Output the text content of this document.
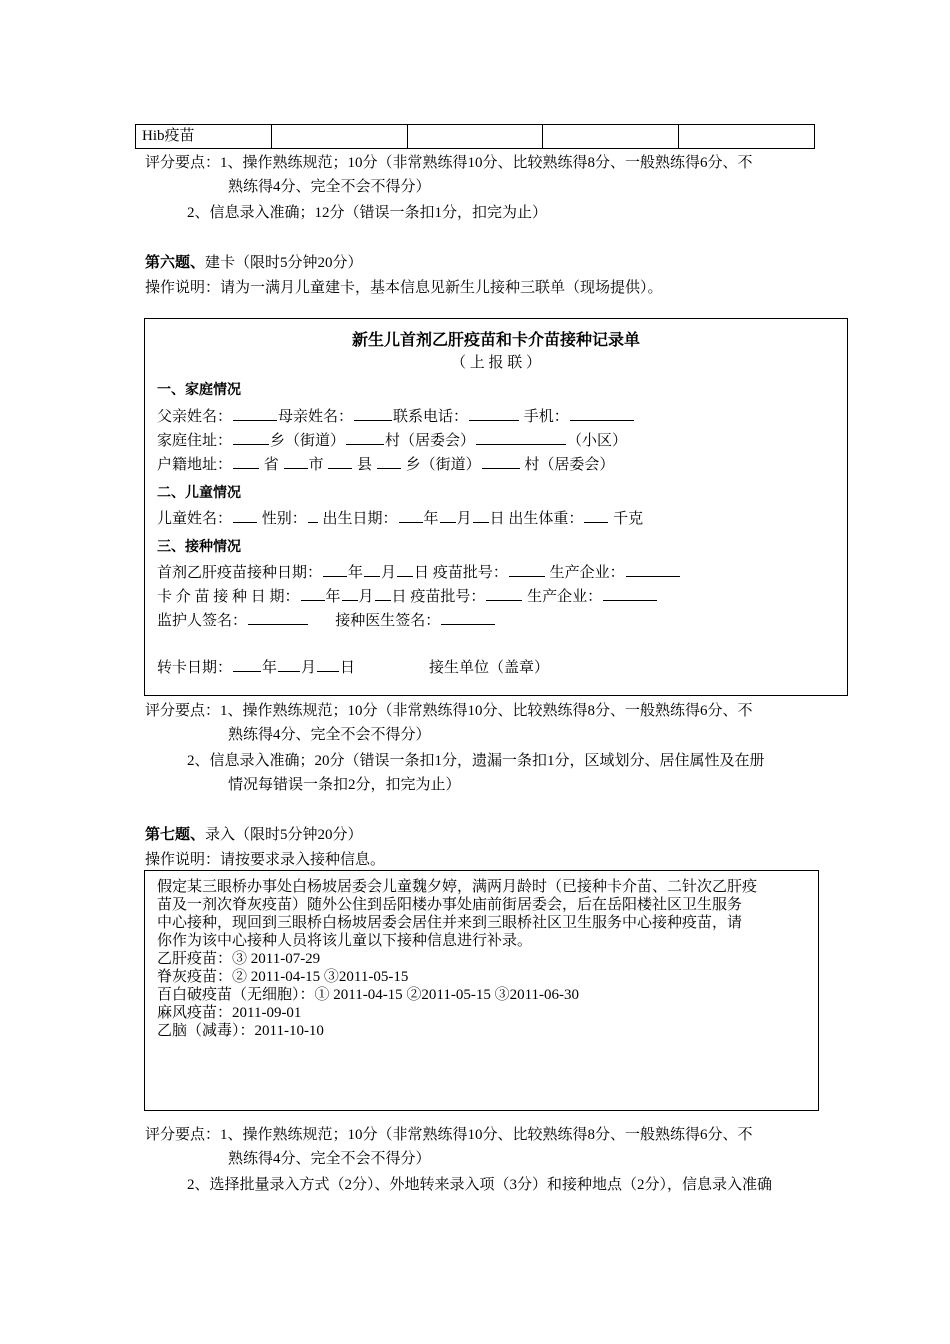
Hib疫苗
评分要点：1、操作熟练规范；10分（非常熟练得10分、比较熟练得8分、一般熟练得6分、不
熟练得4分、完全不会不得分）
2、信息录入准确；12分（错误一条扣1分，扣完为止）
第六题、建卡（限时5分钟20分）
操作说明：请为一满月儿童建卡，基本信息见新生儿接种三联单（现场提供）。
新生儿首剂乙肝疫苗和卡介苗接种记录单
（ 上 报 联 ）
一、家庭情况
父亲姓名：	母亲姓名：	联系电话：	手机：
家庭住址：	乡（街道）	村（居委会）	（小区）
户籍地址： 省 市 县 乡（街道）	村（居委会）
二、儿童情况
儿童姓名： 性别： 出生日期： 年 月 日 出生体重： 千克
三、接种情况
首剂乙肝疫苗接种日期： 年 月 日 疫苗批号：	生产企业：
卡 介 苗 接 种 日 期： 年 月 日 疫苗批号：	生产企业：
监护人签名：	接种医生签名：
转卡日期： 年 月 日	接生单位（盖章）
评分要点：1、操作熟练规范；10分（非常熟练得10分、比较熟练得8分、一般熟练得6分、不
熟练得4分、完全不会不得分）
2、信息录入准确；20分（错误一条扣1分，遗漏一条扣1分，区域划分、居住属性及在册
情况每错误一条扣2分，扣完为止）
第七题、录入（限时5分钟20分）
操作说明：请按要求录入接种信息。
假定某三眼桥办事处白杨坡居委会儿童魏夕婷，满两月龄时（已接种卡介苗、二针次乙肝疫
苗及一剂次脊灰疫苗）随外公住到岳阳楼办事处庙前街居委会，后在岳阳楼社区卫生服务
中心接种，现回到三眼桥白杨坡居委会居住并来到三眼桥社区卫生服务中心接种疫苗，请
你作为该中心接种人员将该儿童以下接种信息进行补录。
乙肝疫苗：③ 2011-07-29
脊灰疫苗：② 2011-04-15 ③2011-05-15
百白破疫苗（无细胞）：① 2011-04-15 ②2011-05-15 ③2011-06-30
麻风疫苗：2011-09-01
乙脑（减毒）：2011-10-10
评分要点：1、操作熟练规范；10分（非常熟练得10分、比较熟练得8分、一般熟练得6分、不
熟练得4分、完全不会不得分）
2、选择批量录入方式（2分）、外地转来录入项（3分）和接种地点（2分），信息录入准确
